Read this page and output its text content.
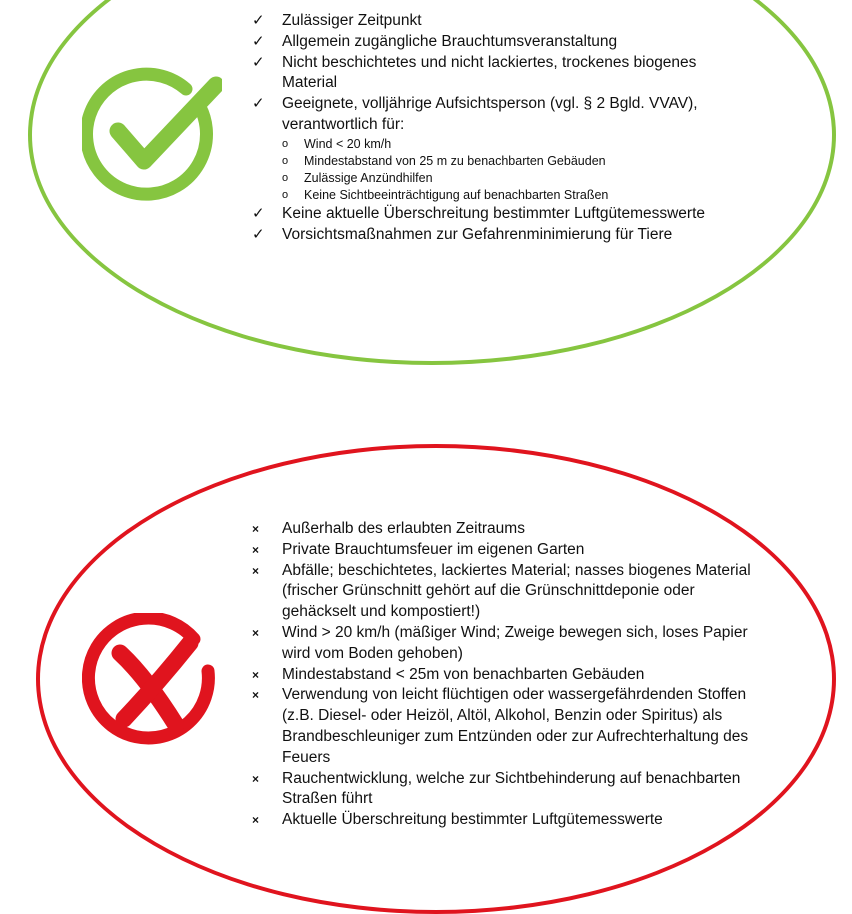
✓	Zulässiger Zeitpunkt
✓	Allgemein zugängliche Brauchtumsveranstaltung
✓	Nicht beschichtetes und nicht lackiertes, trockenes biogenes Material
✓	Geeignete, volljährige Aufsichtsperson (vgl. § 2 Bgld. VVAV), verantwortlich für:
o Wind < 20 km/h
o Mindestabstand von 25 m zu benachbarten Gebäuden
o Zulässige Anzündhilfen
o Keine Sichtbeeinträchtigung auf benachbarten Straßen
✓	Keine aktuelle Überschreitung bestimmter Luftgütemesswerte
✓	Vorsichtsmaßnahmen zur Gefahrenminimierung für Tiere
×	Außerhalb des erlaubten Zeitraums
×	Private Brauchtumsfeuer im eigenen Garten
×	Abfälle; beschichtetes, lackiertes Material; nasses biogenes Material (frischer Grünschnitt gehört auf die Grünschnittdeponie oder gehäckselt und kompostiert!)
×	Wind > 20 km/h (mäßiger Wind; Zweige bewegen sich, loses Papier wird vom Boden gehoben)
×	Mindestabstand < 25m von benachbarten Gebäuden
×	Verwendung von leicht flüchtigen oder wassergefährdenden Stoffen (z.B. Diesel- oder Heizöl, Altöl, Alkohol, Benzin oder Spiritus) als Brandbeschleuniger zum Entzünden oder zur Aufrechterhaltung des Feuers
×	Rauchentwicklung, welche zur Sichtbehinderung auf benachbarten Straßen führt
×	Aktuelle Überschreitung bestimmter Luftgütemesswerte
